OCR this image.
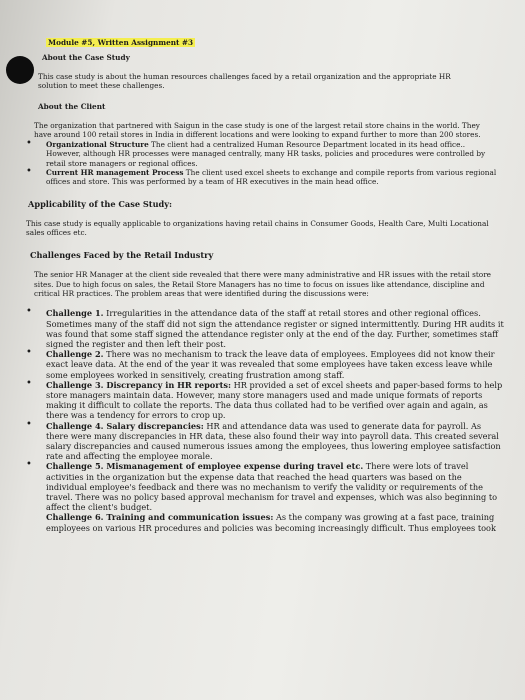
Module #5, Written Assignment #3
About the Case Study

This case study is about the human resources challenges faced by a retail organization and the appropriate HR solution to meet these challenges.

About the Client

The organization that partnered with Saigun in the case study is one of the largest retail store chains in the world. They have around 100 retail stores in India in different locations and were looking to expand further to more than 200 stores.

• Organizational Structure The client had a centralized Human Resource Department located in its head office.. However, although HR processes were managed centrally, many HR tasks, policies and procedures were controlled by retail store managers or regional offices.
• Current HR management Process The client used excel sheets to exchange and compile reports from various regional offices and store. This was performed by a team of HR executives in the main head office.
Applicability of the Case Study:

This case study is equally applicable to organizations having retail chains in Consumer Goods, Health Care, Multi Locational sales offices etc.

Challenges Faced by the Retail Industry

The senior HR Manager at the client side revealed that there were many administrative and HR issues with the retail store sites. Due to high focus on sales, the Retail Store Managers has no time to focus on issues like attendance, discipline and critical HR practices. The problem areas that were identified during the discussions were:

• Challenge 1. Irregularities in the attendance data of the staff at retail stores and other regional offices. Sometimes many of the staff did not sign the attendance register or signed intermittently. During HR audits it was found that some staff signed the attendance register only at the end of the day. Further, sometimes staff signed the register and then left their post.
• Challenge 2. There was no mechanism to track the leave data of employees. Employees did not know their exact leave data. At the end of the year it was revealed that some employees have taken excess leave while some employees worked in sensitively, creating frustration among staff.
• Challenge 3. Discrepancy in HR reports: HR provided a set of excel sheets and paper-based forms to help store managers maintain data. However, many store managers used and made unique formats of reports making it difficult to collate the reports. The data thus collated had to be verified over again and again, as there was a tendency for errors to crop up.
• Challenge 4. Salary discrepancies: HR and attendance data was used to generate data for payroll. As there were many discrepancies in HR data, these also found their way into payroll data. This created several salary discrepancies and caused numerous issues among the employees, thus lowering employee satisfaction rate and affecting the employee morale.
• Challenge 5. Mismanagement of employee expense during travel etc. There were lots of travel activities in the organization but the expense data that reached the head quarters was based on the individual employee's feedback and there was no mechanism to verify the validity or requirements of the travel. There was no policy based approval mechanism for travel and expenses, which was also beginning to affect the client's budget.
Challenge 6. Training and communication issues: As the company was growing at a fast pace, training employees on various HR procedures and policies was becoming increasingly difficult. Thus employees took
